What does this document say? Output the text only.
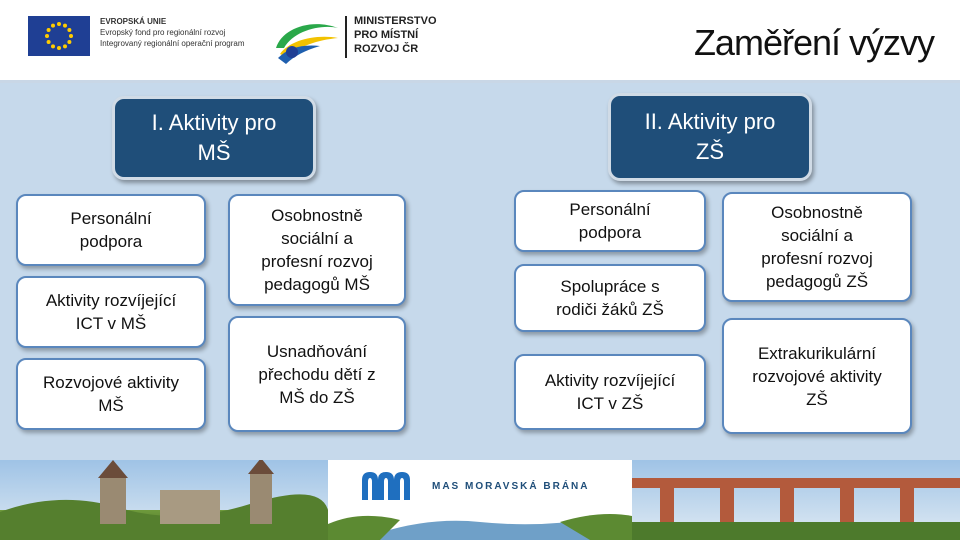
EVROPSKÁ UNIE
Evropský fond pro regionální rozvoj
Integrovaný regionální operační program
MINISTERSTVO
PRO MÍSTNÍ
ROZVOJ ČR	Zaměření výzvy
I. Aktivity pro
MŠ
Personální
podpora
Aktivity rozvíjející
ICT v MŠ
Rozvojové aktivity
MŠ
Osobnostně
sociální a
profesní rozvoj
pedagogů MŠ
Usnadňování
přechodu dětí z
MŠ do ZŠ
II. Aktivity pro
ZŠ
Personální
podpora
Spolupráce s
rodiči žáků ZŠ
Aktivity rozvíjející
ICT v ZŠ
Osobnostně
sociální a
profesní rozvoj
pedagogů ZŠ
Extrakurikulární
rozvojové aktivity
ZŠ
MAS MORAVSKÁ BRÁNA
